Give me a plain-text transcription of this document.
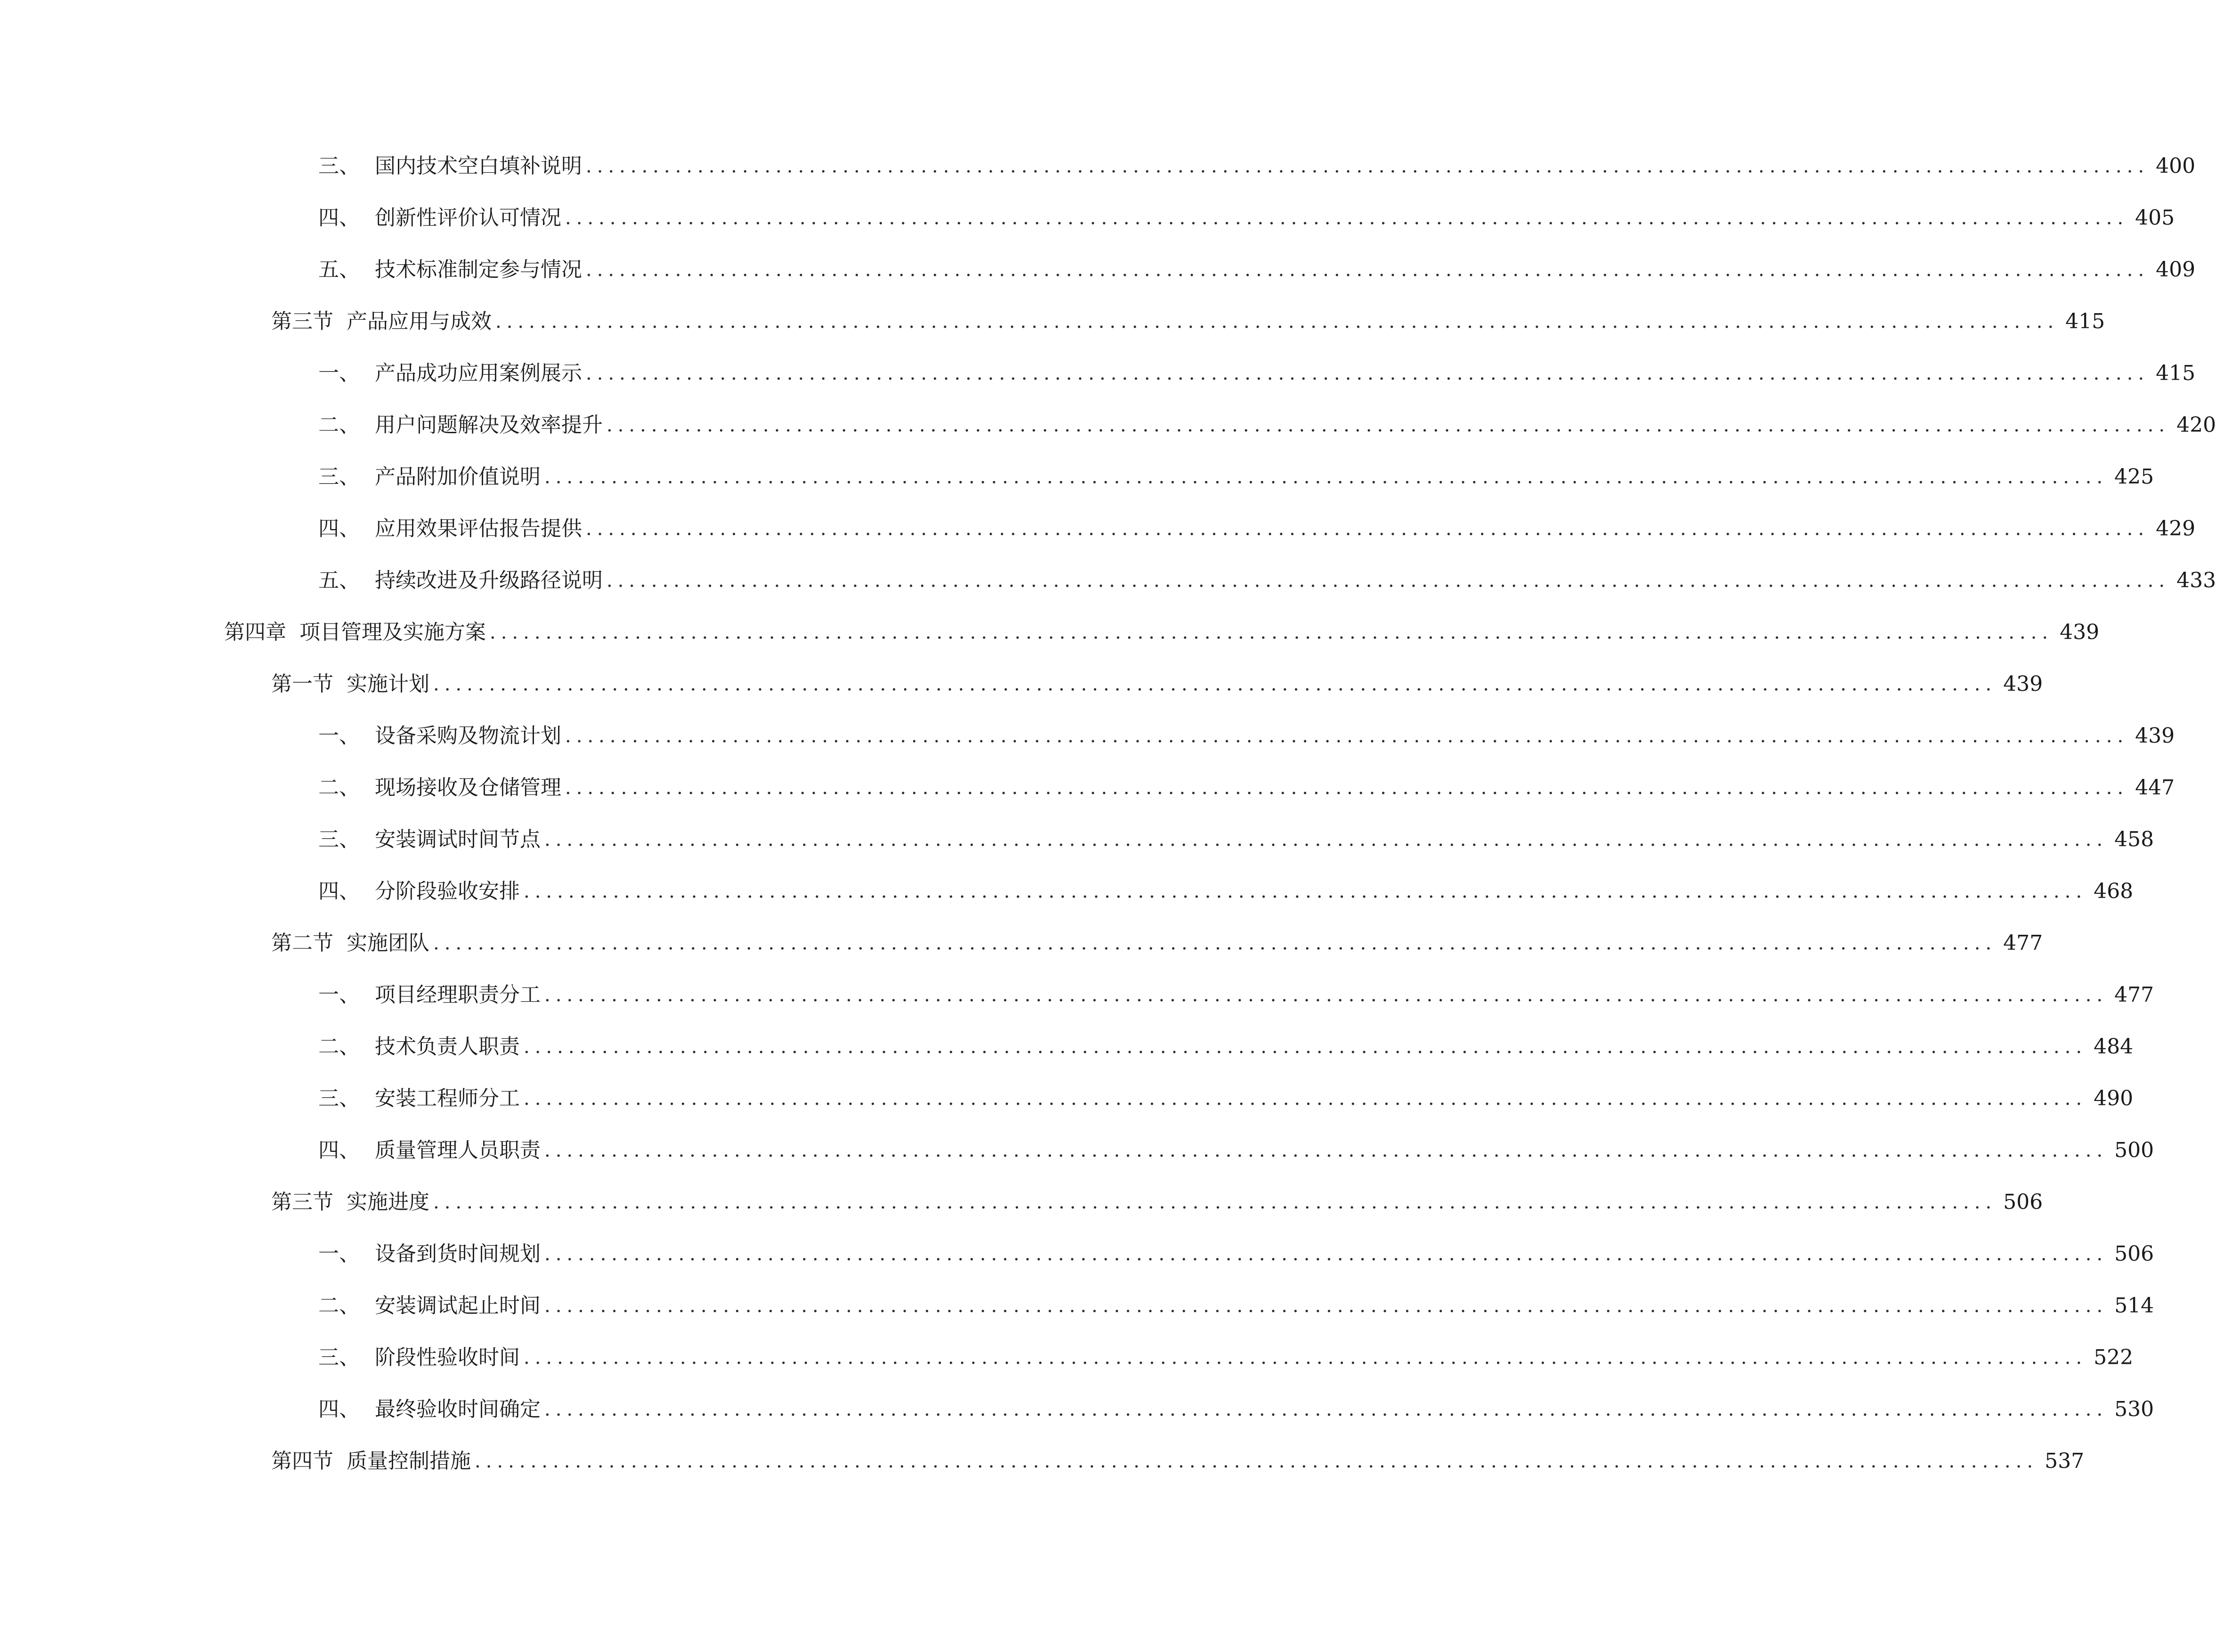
三、 国内技术空白填补说明 ............................................................................................................................................ 400
四、 创新性评价认可情况 ............................................................................................................................................ 405
五、 技术标准制定参与情况 ............................................................................................................................................ 409
第三节 产品应用与成效 ............................................................................................................................................ 415
一、 产品成功应用案例展示 ............................................................................................................................................ 415
二、 用户问题解决及效率提升 ............................................................................................................................................ 420
三、 产品附加价值说明 ............................................................................................................................................ 425
四、 应用效果评估报告提供 ............................................................................................................................................ 429
五、 持续改进及升级路径说明 ............................................................................................................................................ 433
第四章 项目管理及实施方案 ............................................................................................................................................ 439
第一节 实施计划 ............................................................................................................................................ 439
一、 设备采购及物流计划 ............................................................................................................................................ 439
二、 现场接收及仓储管理 ............................................................................................................................................ 447
三、 安装调试时间节点 ............................................................................................................................................ 458
四、 分阶段验收安排 ............................................................................................................................................ 468
第二节 实施团队 ............................................................................................................................................ 477
一、 项目经理职责分工 ............................................................................................................................................ 477
二、 技术负责人职责 ............................................................................................................................................ 484
三、 安装工程师分工 ............................................................................................................................................ 490
四、 质量管理人员职责 ............................................................................................................................................ 500
第三节 实施进度 ............................................................................................................................................ 506
一、 设备到货时间规划 ............................................................................................................................................ 506
二、 安装调试起止时间 ............................................................................................................................................ 514
三、 阶段性验收时间 ............................................................................................................................................ 522
四、 最终验收时间确定 ............................................................................................................................................ 530
第四节 质量控制措施 ............................................................................................................................................ 537
